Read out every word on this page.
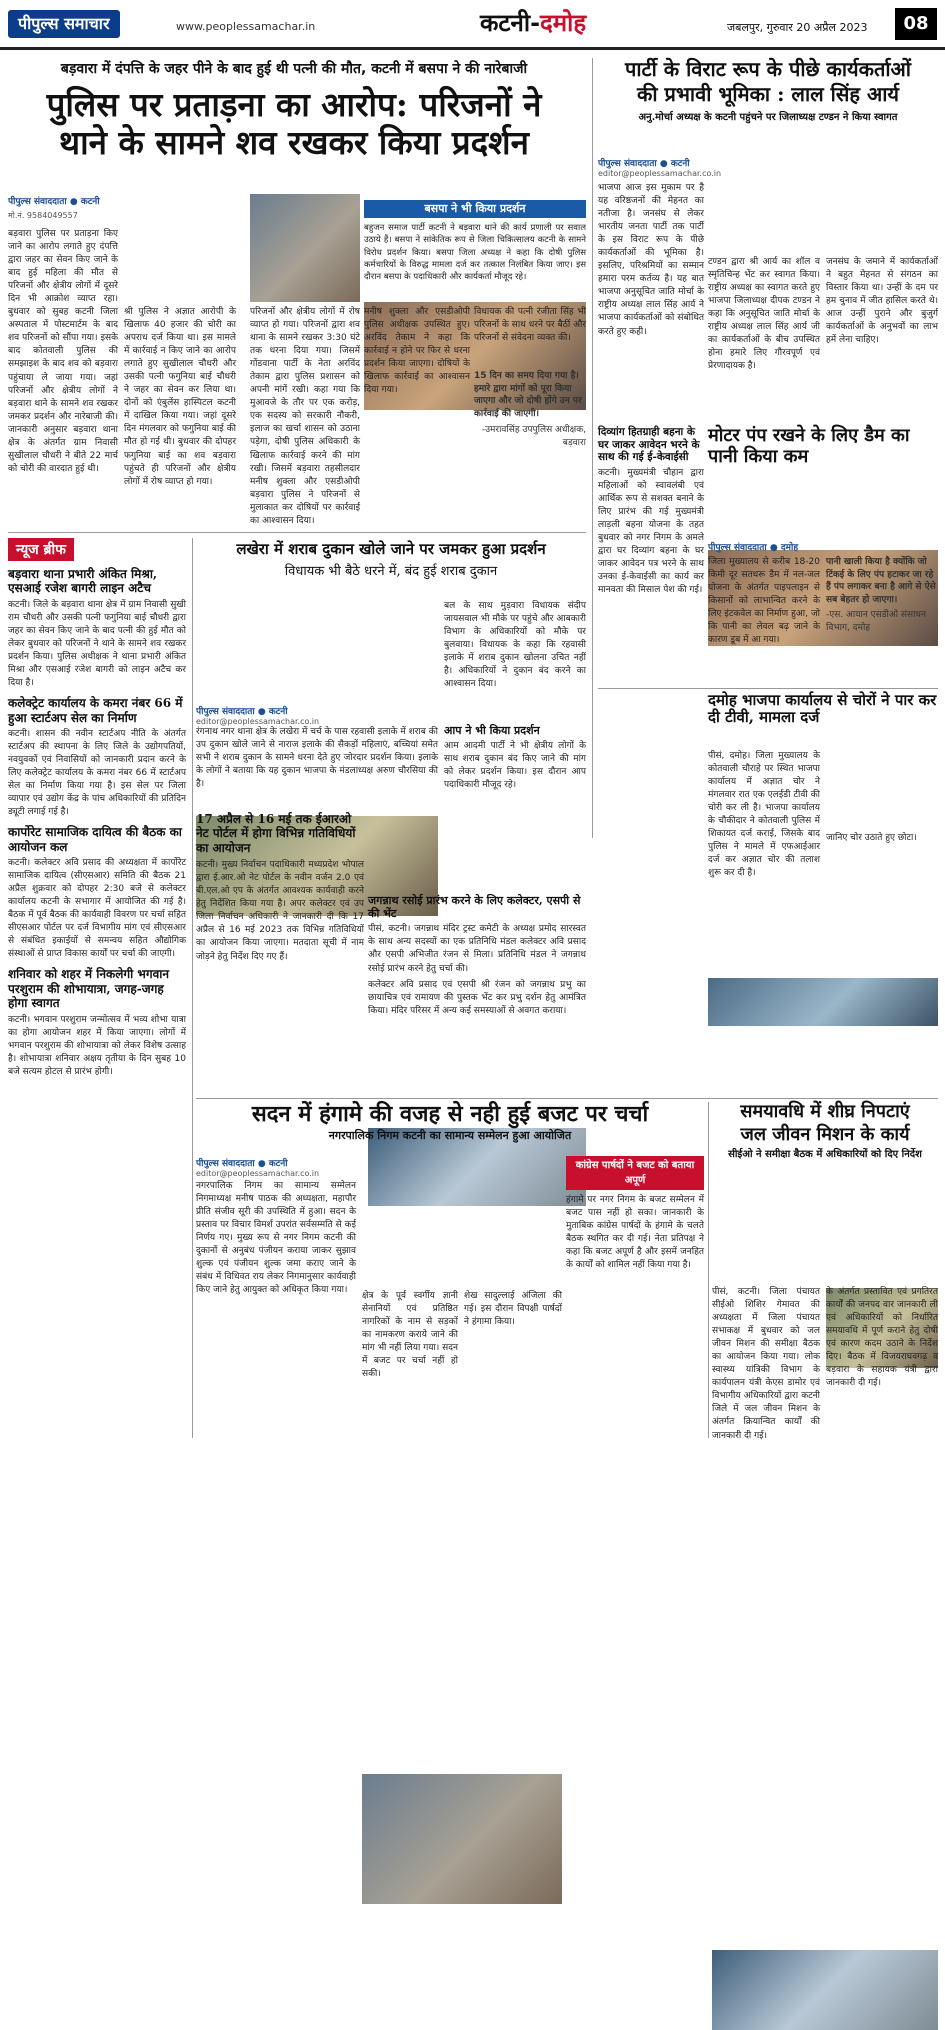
पीपुल्स समाचार	www.peoplessamachar.in	कटनी-दमोह	जबलपुर, गुरुवार 20 अप्रैल 2023	08
बड़वारा में दंपत्ति के जहर पीने के बाद हुई थी पत्नी की मौत, कटनी में बसपा ने की नारेबाजी
पुलिस पर प्रताड़ना का आरोप: परिजनों ने
थाने के सामने शव रखकर किया प्रदर्शन
पीपुल्स संवाददाता ● कटनी
मो.नं. 9584049557
बड़वारा पुलिस पर प्रताड़ना किए जाने का आरोप लगाते हुए दंपत्ति द्वारा जहर का सेवन किए जाने के बाद हुई महिला की मौत से परिजनों और क्षेत्रीय लोगों में दूसरे दिन भी आक्रोश व्याप्त रहा। बुधवार को सुबह कटनी जिला अस्पताल में पोस्टमार्टम के बाद शव परिजनों को सौंपा गया। इसके बाद कोतवाली पुलिस की समझाइश के बाद शव को बड़वारा पहुंचाया ले जाया गया। जहां परिजनों और क्षेत्रीय लोगों ने बड़वारा थाने के सामने शव रखकर जमकर प्रदर्शन और नारेबाजी की। जानकारी अनुसार बड़वारा थाना क्षेत्र के अंतर्गत ग्राम निवासी सुखीलाल चौधरी ने बीते 22 मार्च को चोरी की वारदात हुई थी।
श्री पुलिस ने अज्ञात आरोपी के खिलाफ 40 हजार की चोरी का अपराध दर्ज किया था। इस मामले में कार्रवाई न किए जाने का आरोप लगाते हुए सुखीलाल चौधरी और उसकी पत्नी फगुनिया बाई चौधरी ने जहर का सेवन कर लिया था। दोनों को एंबुलेंस हास्पिटल कटनी में दाखिल किया गया। जहां दूसरे दिन मंगलवार को फगुनिया बाई की मौत हो गई थी। बुधवार की दोपहर फगुनिया बाई का शव बड़वारा पहुंचते ही परिजनों और क्षेत्रीय लोगों में रोष व्याप्त हो गया।
परिजनों और क्षेत्रीय लोगों में रोष व्याप्त हो गया। परिजनों द्वारा शव थाना के सामने रखकर 3:30 घंटे तक धरना दिया गया। जिसमें गोंडवाना पार्टी के नेता अरविंद तेकाम द्वारा पुलिस प्रशासन को अपनी मांगें रखी। कहा गया कि मुआवजे के तौर पर एक करोड़, एक सदस्य को सरकारी नौकरी, इलाज का खर्चा शासन को उठाना पड़ेगा, दोषी पुलिस अधिकारी के खिलाफ कार्रवाई करने की मांग रखी। जिसमें बड़वारा तहसीलदार मनीष शुक्ला और एसडीओपी बड़वारा पुलिस ने परिजनों से मुलाकात कर दोषियों पर कार्रवाई का आश्वासन दिया।
बसपा ने भी किया प्रदर्शन
बहुजन समाज पार्टी कटनी ने बड़वारा थाने की कार्य प्रणाली पर सवाल उठाये हैं। बसपा ने सांकेतिक रूप से जिला चिकित्सालय कटनी के सामने विरोध प्रदर्शन किया। बसपा जिला अध्यक्ष ने कहा कि दोषी पुलिस कर्मचारियों के विरुद्ध मामला दर्ज कर तत्काल निलंबित किया जाए। इस दौरान बसपा के पदाधिकारी और कार्यकर्ता मौजूद रहे।
मनीष शुक्ला और एसडीओपी पुलिस अधीक्षक उपस्थित हुए। अरविंद तेकाम ने कहा कि कार्रवाई न होने पर फिर से धरना प्रदर्शन किया जाएगा। दोषियों के खिलाफ कार्रवाई का आश्वासन दिया गया।
विधायक की पत्नी रंजीता सिंह भी परिजनों के साथ धरने पर बैठीं और परिजनों से संवेदना व्यक्त की।
15 दिन का समय दिया गया है। हमारे द्वारा मांगों को पूरा किया जाएगा और जो दोषी होंगे उन पर कार्रवाई की जाएगी।
-उमरावसिंह उपपुलिस अधीक्षक, बड़वारा
न्यूज ब्रीफ
बड़वारा थाना प्रभारी अंकित मिश्रा, एसआई रजेश बागरी लाइन अटैच
कटनी। जिले के बड़वारा थाना क्षेत्र में ग्राम निवासी सुखी राम चौधरी और उसकी पत्नी फगुनिया बाई चौधरी द्वारा जहर का सेवन किए जाने के बाद पत्नी की हुई मौत को लेकर बुधवार को परिजनों ने थाने के सामने शव रखकर प्रदर्शन किया। पुलिस अधीक्षक ने थाना प्रभारी अंकित मिश्रा और एसआई रजेश बागरी को लाइन अटैच कर दिया है।
कलेक्ट्रेट कार्यालय के कमरा नंबर 66 में हुआ स्टार्टअप सेल का निर्माण
कटनी। शासन की नवीन स्टार्टअप नीति के अंतर्गत स्टार्टअप की स्थापना के लिए जिले के उद्योगपतियों, नवयुवकों एवं निवासियों को जानकारी प्रदान करने के लिए कलेक्ट्रेट कार्यालय के कमरा नंबर 66 में स्टार्टअप सेल का निर्माण किया गया है। इस सेल पर जिला व्यापार एवं उद्योग केंद्र के पांच अधिकारियों की प्रतिदिन ड्यूटी लगाई गई है।
कार्पोरेट सामाजिक दायित्व की बैठक का आयोजन कल
कटनी। कलेक्टर अवि प्रसाद की अध्यक्षता में कार्पोरेट सामाजिक दायित्व (सीएसआर) समिति की बैठक 21 अप्रैल शुक्रवार को दोपहर 2:30 बजे से कलेक्टर कार्यालय कटनी के सभागार में आयोजित की गई है। बैठक में पूर्व बैठक की कार्यवाही विवरण पर चर्चा सहित सीएसआर पोर्टल पर दर्ज विभागीय मांग एवं सीएसआर से संबंधित इकाईयों से समन्वय सहित औद्योगिक संस्थाओं से प्राप्त विकास कार्यों पर चर्चा की जाएगी।
शनिवार को शहर में निकलेगी भगवान परशुराम की शोभायात्रा, जगह-जगह होगा स्वागत
कटनी। भगवान परशुराम जन्मोत्सव में भव्य शोभा यात्रा का होगा आयोजन शहर में किया जाएगा। लोगों में भगवान परशुराम की शोभायात्रा को लेकर विशेष उत्साह है। शोभायात्रा शनिवार अक्षय तृतीया के दिन सुबह 10 बजे सत्यम होटल से प्रारंभ होगी।
लखेरा में शराब दुकान खोले जाने पर जमकर हुआ प्रदर्शन
विधायक भी बैठे धरने में, बंद हुई शराब दुकान
पीपुल्स संवाददाता ● कटनी
editor@peoplessamachar.co.in
रंगनाथ नगर थाना क्षेत्र के लखेरा में चर्च के पास रहवासी इलाके में शराब की उप दुकान खोले जाने से नाराज इलाके की सैकड़ों महिलाएं, बच्चियां समेत सभी ने शराब दुकान के सामने धरना देते हुए जोरदार प्रदर्शन किया। इलाके के लोगों ने बताया कि यह दुकान भाजपा के मंडलाध्यक्ष अरुण चौरसिया की है।
बल के साथ मुड़वारा विधायक संदीप जायसवाल भी मौके पर पहुंचे और आबकारी विभाग के अधिकारियों को मौके पर बुलवाया। विधायक के कहा कि रहवासी इलाके में शराब दुकान खोलना उचित नहीं है। अधिकारियों ने दुकान बंद करने का आश्वासन दिया।
आप ने भी किया प्रदर्शन
आम आदमी पार्टी ने भी क्षेत्रीय लोगों के साथ शराब दुकान बंद किए जाने की मांग को लेकर प्रदर्शन किया। इस दौरान आप पदाधिकारी मौजूद रहे।
17 अप्रैल से 16 मई तक ईआरओ नेट पोर्टल में होगा विभिन्न गतिविधियों का आयोजन
कटनी। मुख्य निर्वाचन पदाधिकारी मध्यप्रदेश भोपाल द्वारा ई.आर.ओ नेट पोर्टल के नवीन वर्जन 2.0 एवं बी.एल.ओ एप के अंतर्गत आवश्यक कार्यवाही करने हेतु निर्देशित किया गया है। अपर कलेक्टर एवं उप जिला निर्वाचन अधिकारी ने जानकारी दी कि 17 अप्रैल से 16 मई 2023 तक विभिन्न गतिविधियों का आयोजन किया जाएगा। मतदाता सूची में नाम जोड़ने हेतु निर्देश दिए गए हैं।
जगन्नाथ रसोई प्रारंभ करने के लिए कलेक्टर, एसपी से की भेंट
पीसं, कटनी। जगन्नाथ मंदिर ट्रस्ट कमेटी के अध्यक्ष प्रमोद सारस्वत के साथ अन्य सदस्यों का एक प्रतिनिधि मंडल कलेक्टर अवि प्रसाद और एसपी अभिजीत रंजन से मिला। प्रतिनिधि मंडल ने जगन्नाथ रसोई प्रारंभ करने हेतु चर्चा की।
कलेक्टर अवि प्रसाद एवं एसपी श्री रंजन को जगन्नाथ प्रभु का छायाचित्र एवं रामायण की पुस्तक भेंट कर प्रभु दर्शन हेतु आमंत्रित किया। मंदिर परिसर में अन्य कई समस्याओं से अवगत कराया।
पार्टी के विराट रूप के पीछे कार्यकर्ताओं
की प्रभावी भूमिका : लाल सिंह आर्य
अनु.मोर्चा अध्यक्ष के कटनी पहुंचने पर जिलाध्यक्ष टण्डन ने किया स्वागत
पीपुल्स संवाददाता ● कटनी
editor@peoplessamachar.co.in
भाजपा आज इस मुकाम पर है यह वरिष्ठजनों की मेहनत का नतीजा है। जनसंघ से लेकर भारतीय जनता पार्टी तक पार्टी के इस विराट रूप के पीछे कार्यकर्ताओं की भूमिका है। इसलिए, परिश्रमियों का सम्मान हमारा परम कर्तव्य है। यह बात भाजपा अनुसूचित जाति मोर्चा के राष्ट्रीय अध्यक्ष लाल सिंह आर्य ने भाजपा कार्यकर्ताओं को संबोधित करते हुए कही।
टण्डन द्वारा श्री आर्य का शॉल व स्मृतिचिन्ह भेंट कर स्वागत किया। राष्ट्रीय अध्यक्ष का स्वागत करते हुए भाजपा जिलाध्यक्ष दीपक टण्डन ने कहा कि अनुसूचित जाति मोर्चा के राष्ट्रीय अध्यक्ष लाल सिंह आर्य जी का कार्यकर्ताओं के बीच उपस्थित होना हमारे लिए गौरवपूर्ण एवं प्रेरणादायक है।
जनसंघ के जमाने में कार्यकर्ताओं ने बहुत मेहनत से संगठन का विस्तार किया था। उन्हीं के दम पर हम चुनाव में जीत हासिल करते थे। आज उन्हीं पुराने और बुजुर्ग कार्यकर्ताओं के अनुभवों का लाभ हमें लेना चाहिए।
दिव्यांग हितग्राही बहना के घर जाकर आवेदन भरने के साथ की गई ई-केवाईसी
कटनी। मुख्यमंत्री चौहान द्वारा महिलाओं को स्वावलंबी एवं आर्थिक रूप से सशक्त बनाने के लिए प्रारंभ की गई मुख्यमंत्री लाड़ली बहना योजना के तहत बुधवार को नगर निगम के अमले द्वारा घर दिव्यांग बहना के घर जाकर आवेदन पत्र भरने के साथ उनका ई-केवाईसी का कार्य कर मानवता की मिसाल पेश की गई।
मोटर पंप रखने के लिए डैम का पानी किया कम
पीपुल्स संवाददाता ● दमोह
जिला मुख्यालय से करीब 18-20 किमी दूर सतधरू डैम में नल-जल योजना के अंतर्गत पाइपलाइन से किसानों को लाभान्वित करने के लिए इंटकवेल का निर्माण हुआ, जो कि पानी का लेवल बढ़ जाने के कारण डूब में आ गया।
पानी खाली किया है क्योंकि जो टिंकई के लिए पंप हटाकर जा रहे हैं पंप लगाकर बना है आगे से ऐसे सब बेहतर हो जाएगा।
-एस. आयान एसडीओ संसाधन विभाग, दमोह
दमोह भाजपा कार्यालय से चोरों ने पार कर दी टीवी, मामला दर्ज
पीसं, दमोह। जिला मुख्यालय के कोतवाली चौराहे पर स्थित भाजपा कार्यालय में अज्ञात चोर ने मंगलवार रात एक एलईडी टीवी की चोरी कर ली है। भाजपा कार्यालय के चौकीदार ने कोतवाली पुलिस में शिकायत दर्ज कराई, जिसके बाद पुलिस ने मामले में एफआईआर दर्ज कर अज्ञात चोर की तलाश शुरू कर दी है।
जानिए चोर उठाते हुए छोटा।
सदन में हंगामे की वजह से नही हुई बजट पर चर्चा
नगरपालिक निगम कटनी का सामान्य सम्मेलन हुआ आयोजित
पीपुल्स संवाददाता ● कटनी
editor@peoplessamachar.co.in
नगरपालिक निगम का सामान्य सम्मेलन निगमाध्यक्ष मनीष पाठक की अध्यक्षता, महापौर प्रीति संजीव सूरी की उपस्थिति में हुआ। सदन के प्रस्ताव पर विचार विमर्श उपरांत सर्वसम्मति से कई निर्णय गए। मुख्य रूप से नगर निगम कटनी की दुकानों से अनुबंध पंजीयन कराया जाकर सुझाव शुल्क एवं पंजीयन शुल्क जमा कराए जाने के संबंध में विधिवत राय लेकर निगमानुसार कार्यवाही किए जाने हेतु आयुक्त को अधिकृत किया गया।
क्षेत्र के पूर्व स्वर्गीय ज्ञानी सेनानियों एवं प्रतिष्ठित नागरिकों के नाम से सड़कों का नामकरण कराये जाने की मांग भी नहीं लिया गया। सदन में बजट पर चर्चा नहीं हो सकी।
शेख सादुल्लाई अंजिला की गई। इस दौरान विपक्षी पार्षदों ने हंगामा किया।
कांग्रेस पार्षदों ने बजट को बताया अपूर्ण
हंगामे पर नगर निगम के बजट सम्मेलन में बजट पास नहीं हो सका। जानकारी के मुताबिक कांग्रेस पार्षदों के हंगामे के चलते बैठक स्थगित कर दी गई। नेता प्रतिपक्ष ने कहा कि बजट अपूर्ण है और इसमें जनहित के कार्यों को शामिल नहीं किया गया है।
समयावधि में शीघ्र निपटाएं
जल जीवन मिशन के कार्य
सीईओ ने समीक्षा बैठक में अधिकारियों को दिए निर्देश
पीसं, कटनी। जिला पंचायत सीईओ शिशिर गेमावत की अध्यक्षता में जिला पंचायत सभाकक्ष में बुधवार को जल जीवन मिशन की समीक्षा बैठक का आयोजन किया गया। लोक स्वास्थ्य यांत्रिकी विभाग के कार्यपालन यंत्री केएस डामोर एवं विभागीय अधिकारियों द्वारा कटनी जिले में जल जीवन मिशन के अंतर्गत क्रियान्वित कार्यों की जानकारी दी गई।
के अंतर्गत प्रस्तावित एवं प्रगतिरत कार्यों की जनपद वार जानकारी ली एवं अधिकारियों को निर्धारित समयावधि में पूर्ण कराने हेतु दोषी एवं कारण कदम उठाने के निर्देश दिए। बैठक में विजयराघवगढ़ व बड़वारा के सहायक यंत्री द्वारा जानकारी दी गई।
